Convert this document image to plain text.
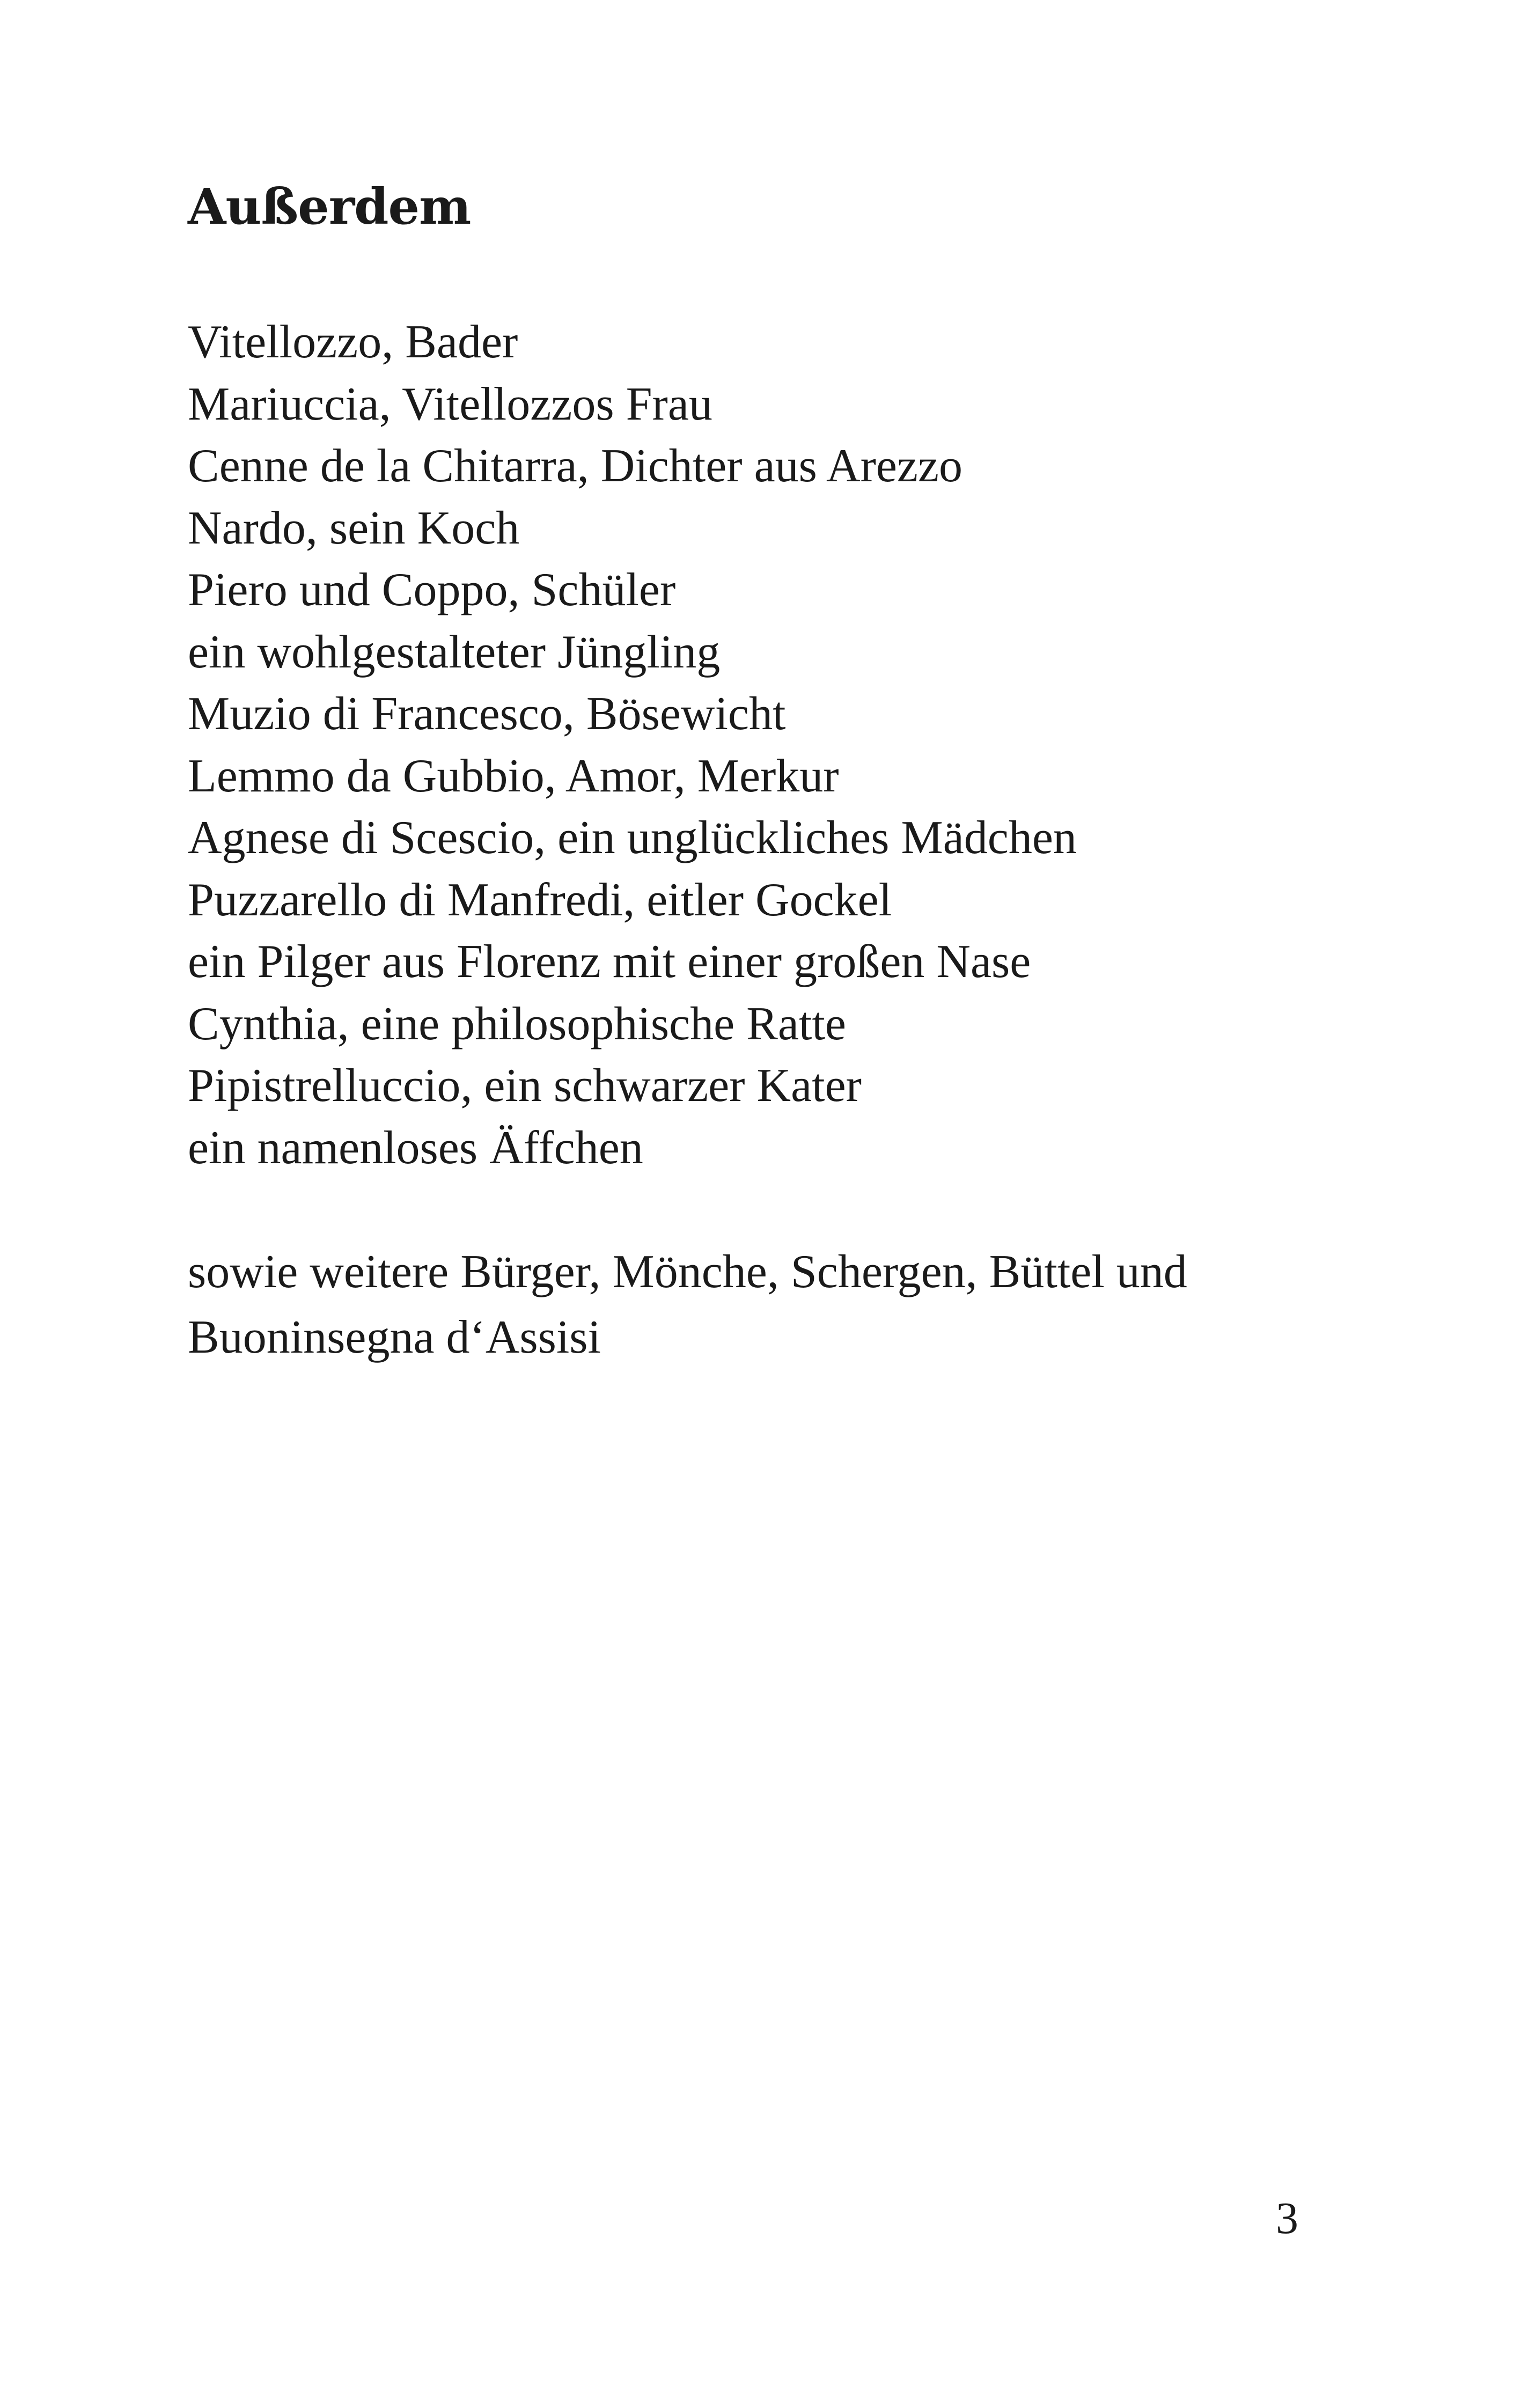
Außerdem
Vitellozzo, Bader
Mariuccia, Vitellozzos Frau
Cenne de la Chitarra, Dichter aus Arezzo
Nardo, sein Koch
Piero und Coppo, Schüler
ein wohlgestalteter Jüngling
Muzio di Francesco, Bösewicht
Lemmo da Gubbio, Amor, Merkur
Agnese di Scescio, ein unglückliches Mädchen
Puzzarello di Manfredi, eitler Gockel
ein Pilger aus Florenz mit einer großen Nase
Cynthia, eine philosophische Ratte
Pipistrelluccio, ein schwarzer Kater
ein namenloses Äffchen

sowie weitere Bürger, Mönche, Schergen, Büttel und
Buoninsegna d‘Assisi

3
